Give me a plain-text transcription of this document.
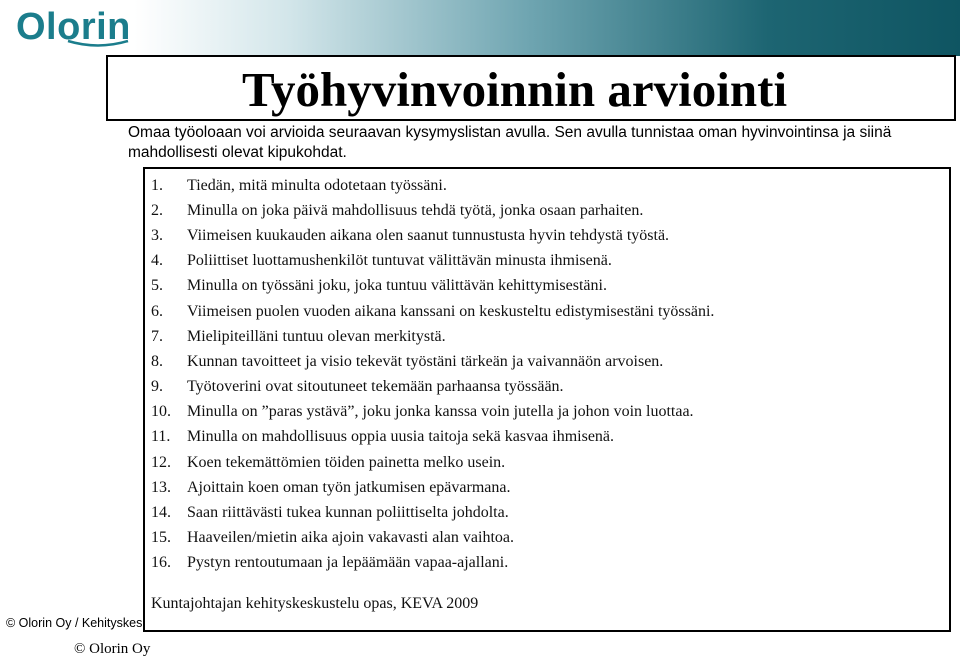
Olorin
Työhyvinvoinnin arviointi
Omaa työoloaan voi arvioida seuraavan kysymyslistan avulla. Sen avulla tunnistaa oman hyvinvointinsa ja siinä mahdollisesti olevat kipukohdat.
1.	Tiedän, mitä minulta odotetaan työssäni.
2.	Minulla on joka päivä mahdollisuus tehdä työtä, jonka osaan parhaiten.
3.	Viimeisen kuukauden aikana olen saanut tunnustusta hyvin tehdystä työstä.
4.	Poliittiset luottamushenkilöt tuntuvat välittävän minusta ihmisenä.
5.	Minulla on työssäni joku, joka tuntuu välittävän kehittymisestäni.
6.	Viimeisen puolen vuoden aikana kanssani on keskusteltu edistymisestäni työssäni.
7.	Mielipiteilläni tuntuu olevan merkitystä.
8.	Kunnan tavoitteet ja visio tekevät työstäni tärkeän ja vaivannäön arvoisen.
9.	Työtoverini ovat sitoutuneet tekemään parhaansa työssään.
10.	Minulla on ”paras ystävä”, joku jonka kanssa voin jutella ja johon voin luottaa.
11.	Minulla on mahdollisuus oppia uusia taitoja sekä kasvaa ihmisenä.
12.	Koen tekemättömien töiden painetta melko usein.
13.	Ajoittain koen oman työn jatkumisen epävarmana.
14.	Saan riittävästi tukea kunnan poliittiselta johdolta.
15.	Haaveilen/mietin aika ajoin vakavasti alan vaihtoa.
16.	Pystyn rentoutumaan ja lepäämään vapaa-ajallani.
Kuntajohtajan kehityskeskustelu opas, KEVA 2009
© Olorin Oy / Kehityskes
© Olorin Oy
